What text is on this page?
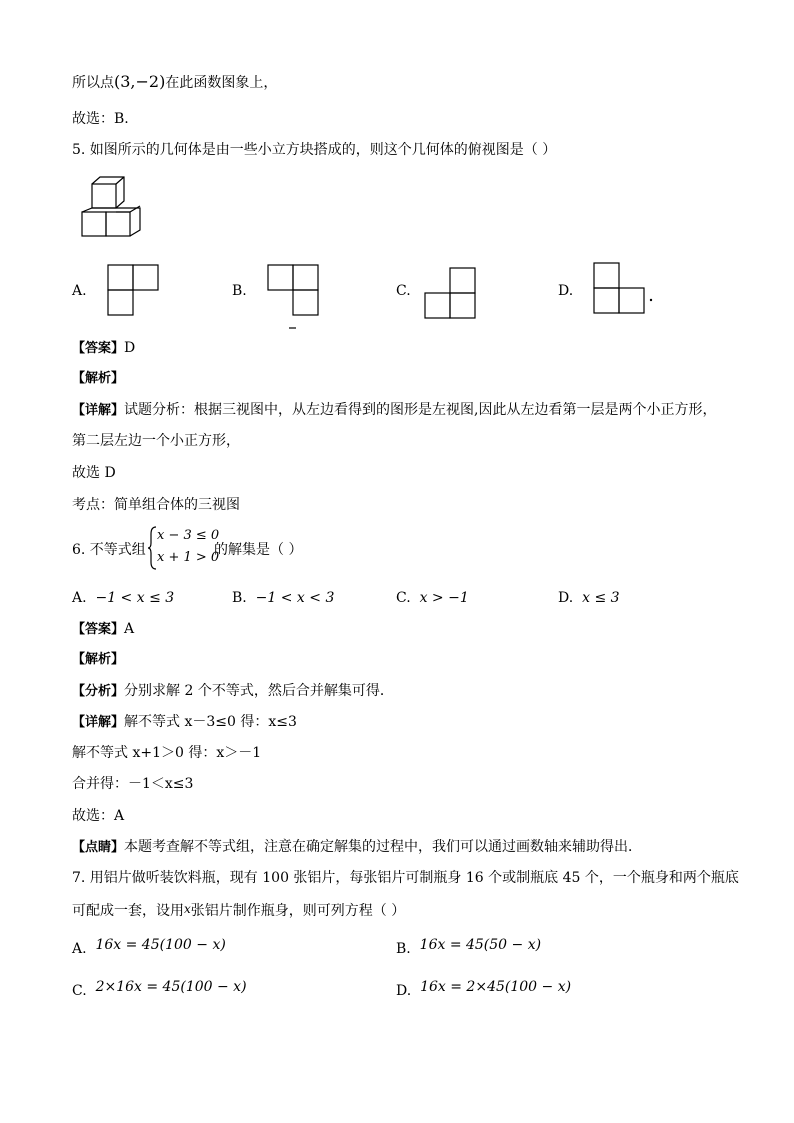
所以点(3,−2)在此函数图象上，
故选：B.
5. 如图所示的几何体是由一些小立方块搭成的，则这个几何体的俯视图是（ ）
A.	B.	C.	D.
【答案】D
【解析】
【详解】试题分析：根据三视图中，从左边看得到的图形是左视图,因此从左边看第一层是两个小正方形，
第二层左边一个小正方形，
故选 D
考点：简单组合体的三视图
6. 不等式组
x − 3 ≤ 0
x + 1 > 0
的解集是（ ）
A. −1 < x ≤ 3	B. −1 < x < 3	C. x > −1	D. x ≤ 3
【答案】A
【解析】
【分析】分别求解 2 个不等式，然后合并解集可得．
【详解】解不等式 x－3≤0 得：x≤3
解不等式 x+1＞0 得：x＞－1
合并得：－1＜x≤3
故选：A
【点睛】本题考查解不等式组，注意在确定解集的过程中，我们可以通过画数轴来辅助得出．
7. 用铝片做听装饮料瓶，现有 100 张铝片，每张铝片可制瓶身 16 个或制瓶底 45 个，一个瓶身和两个瓶底
可配成一套，设用x张铝片制作瓶身，则可列方程（ ）
A. 16x = 45(100 − x)	B. 16x = 45(50 − x)
C. 2×16x = 45(100 − x)	D. 16x = 2×45(100 − x)
